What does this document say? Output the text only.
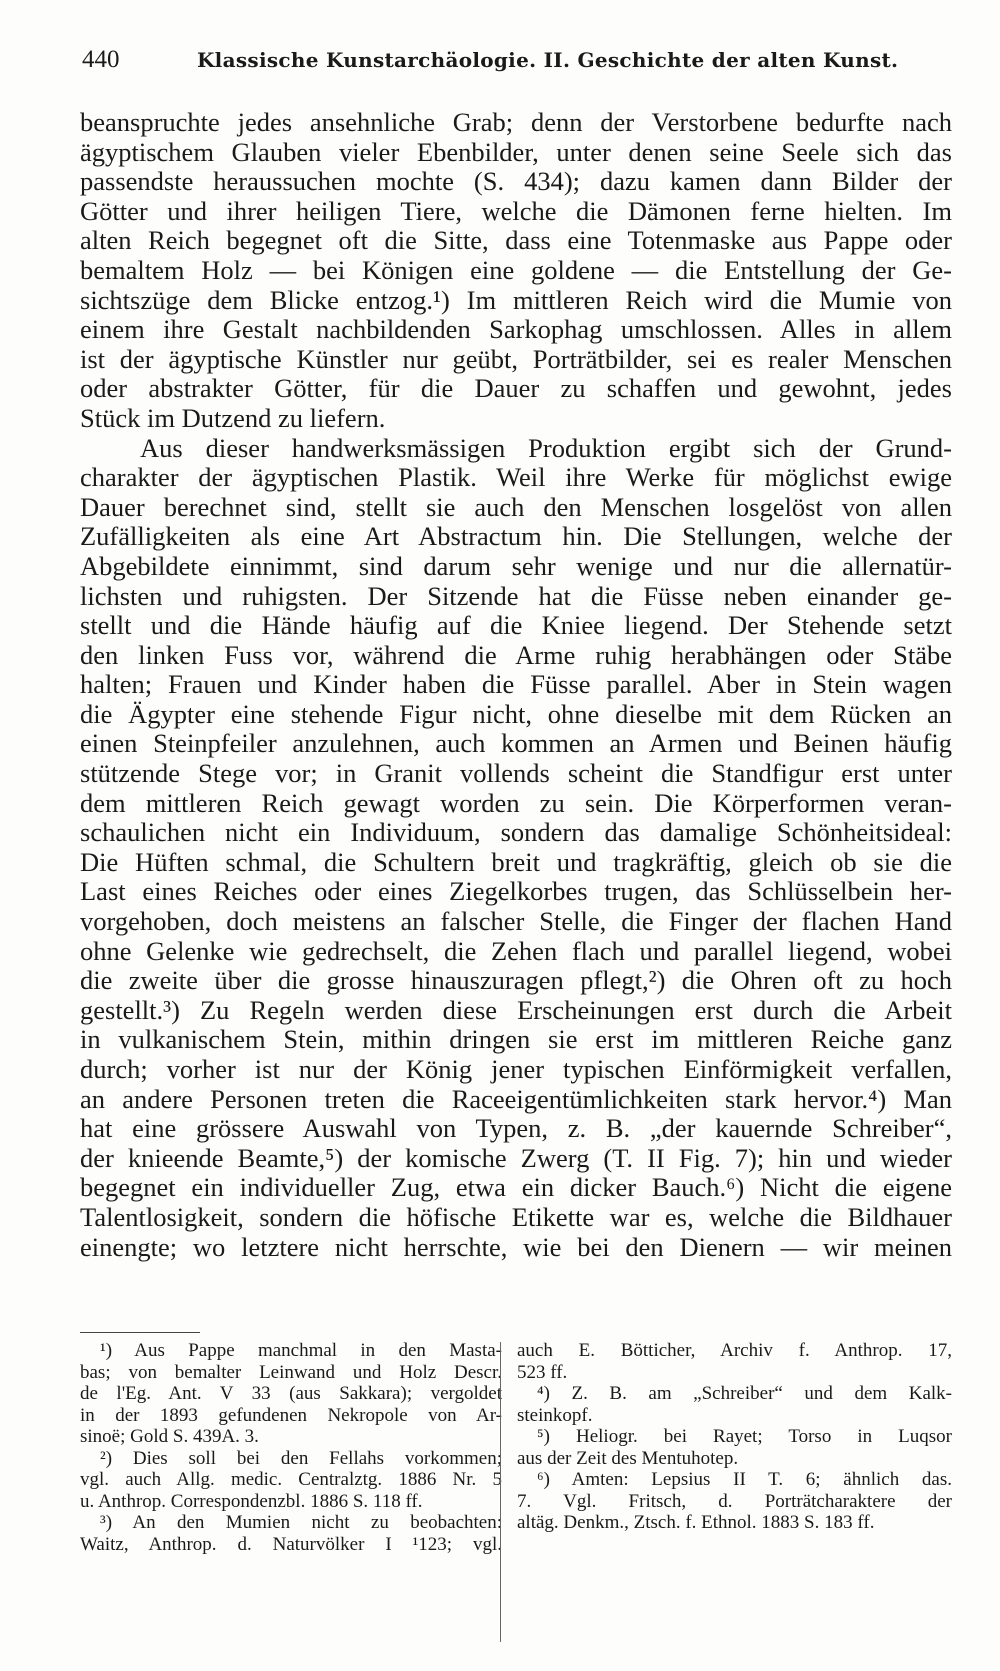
440	Klassische Kunstarchäologie. II. Geschichte der alten Kunst.

beanspruchte jedes ansehnliche Grab; denn der Verstorbene bedurfte nach
ägyptischem Glauben vieler Ebenbilder, unter denen seine Seele sich das
passendste heraussuchen mochte (S. 434); dazu kamen dann Bilder der
Götter und ihrer heiligen Tiere, welche die Dämonen ferne hielten. Im
alten Reich begegnet oft die Sitte, dass eine Totenmaske aus Pappe oder
bemaltem Holz — bei Königen eine goldene — die Entstellung der Ge-
sichtszüge dem Blicke entzog.¹) Im mittleren Reich wird die Mumie von
einem ihre Gestalt nachbildenden Sarkophag umschlossen. Alles in allem
ist der ägyptische Künstler nur geübt, Porträtbilder, sei es realer Menschen
oder abstrakter Götter, für die Dauer zu schaffen und gewohnt, jedes
Stück im Dutzend zu liefern.

Aus dieser handwerksmässigen Produktion ergibt sich der Grund-
charakter der ägyptischen Plastik. Weil ihre Werke für möglichst ewige
Dauer berechnet sind, stellt sie auch den Menschen losgelöst von allen
Zufälligkeiten als eine Art Abstractum hin. Die Stellungen, welche der
Abgebildete einnimmt, sind darum sehr wenige und nur die allernatür-
lichsten und ruhigsten. Der Sitzende hat die Füsse neben einander ge-
stellt und die Hände häufig auf die Kniee liegend. Der Stehende setzt
den linken Fuss vor, während die Arme ruhig herabhängen oder Stäbe
halten; Frauen und Kinder haben die Füsse parallel. Aber in Stein wagen
die Ägypter eine stehende Figur nicht, ohne dieselbe mit dem Rücken an
einen Steinpfeiler anzulehnen, auch kommen an Armen und Beinen häufig
stützende Stege vor; in Granit vollends scheint die Standfigur erst unter
dem mittleren Reich gewagt worden zu sein. Die Körperformen veran-
schaulichen nicht ein Individuum, sondern das damalige Schönheitsideal:
Die Hüften schmal, die Schultern breit und tragkräftig, gleich ob sie die
Last eines Reiches oder eines Ziegelkorbes trugen, das Schlüsselbein her-
vorgehoben, doch meistens an falscher Stelle, die Finger der flachen Hand
ohne Gelenke wie gedrechselt, die Zehen flach und parallel liegend, wobei
die zweite über die grosse hinauszuragen pflegt,²) die Ohren oft zu hoch
gestellt.³) Zu Regeln werden diese Erscheinungen erst durch die Arbeit
in vulkanischem Stein, mithin dringen sie erst im mittleren Reiche ganz
durch; vorher ist nur der König jener typischen Einförmigkeit verfallen,
an andere Personen treten die Raceeigentümlichkeiten stark hervor.⁴) Man
hat eine grössere Auswahl von Typen, z. B. „der kauernde Schreiber“,
der knieende Beamte,⁵) der komische Zwerg (T. II Fig. 7); hin und wieder
begegnet ein individueller Zug, etwa ein dicker Bauch.⁶) Nicht die eigene
Talentlosigkeit, sondern die höfische Etikette war es, welche die Bildhauer
einengte; wo letztere nicht herrschte, wie bei den Dienern — wir meinen

¹) Aus Pappe manchmal in den Masta-
bas; von bemalter Leinwand und Holz Descr.
de l'Eg. Ant. V 33 (aus Sakkara); vergoldet
in der 1893 gefundenen Nekropole von Ar-
sinoë; Gold S. 439A. 3.
²) Dies soll bei den Fellahs vorkommen;
vgl. auch Allg. medic. Centralztg. 1886 Nr. 5
u. Anthrop. Correspondenzbl. 1886 S. 118 ff.
³) An den Mumien nicht zu beobachten:
Waitz, Anthrop. d. Naturvölker I ¹123; vgl.
auch E. Bötticher, Archiv f. Anthrop. 17,
523 ff.
⁴) Z. B. am „Schreiber“ und dem Kalk-
steinkopf.
⁵) Heliogr. bei Rayet; Torso in Luqsor
aus der Zeit des Mentuhotep.
⁶) Amten: Lepsius II T. 6; ähnlich das.
7. Vgl. Fritsch, d. Porträtcharaktere der
altäg. Denkm., Ztsch. f. Ethnol. 1883 S. 183 ff.
